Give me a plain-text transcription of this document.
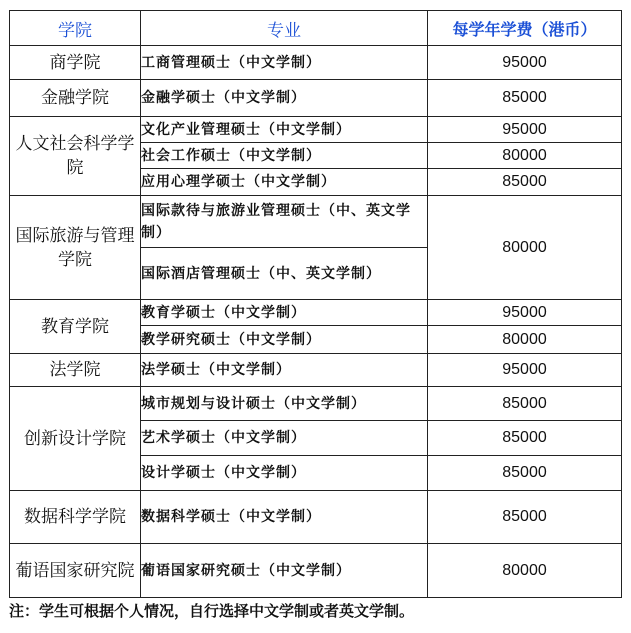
学院	专业	每学年学费（港币）
商学院	工商管理硕士（中文学制）	95000
金融学院	金融学硕士（中文学制）	85000
人文社会科学学院	文化产业管理硕士（中文学制）	95000
	社会工作硕士（中文学制）	80000
	应用心理学硕士（中文学制）	85000
国际旅游与管理学院	国际款待与旅游业管理硕士（中、英文学制）	80000
	国际酒店管理硕士（中、英文学制）	
教育学院	教育学硕士（中文学制）	95000
	教学研究硕士（中文学制）	80000
法学院	法学硕士（中文学制）	95000
创新设计学院	城市规划与设计硕士（中文学制）	85000
	艺术学硕士（中文学制）	85000
	设计学硕士（中文学制）	85000
数据科学学院	数据科学硕士（中文学制）	85000
葡语国家研究院	葡语国家研究硕士（中文学制）	80000
注：学生可根据个人情况，自行选择中文学制或者英文学制。
